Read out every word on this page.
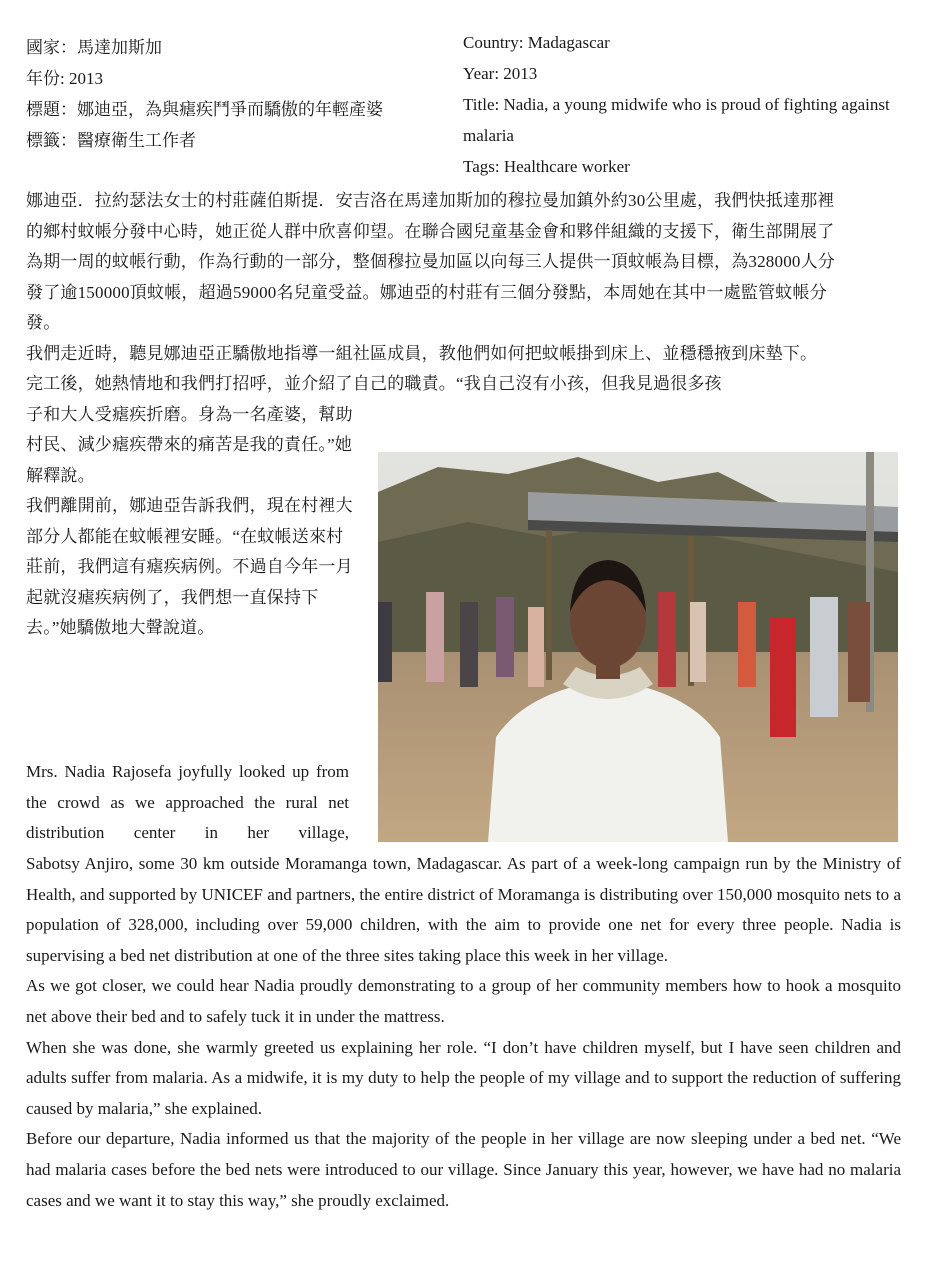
國家：馬達加斯加
年份: 2013
標題：娜迪亞，為與瘧疾鬥爭而驕傲的年輕產婆
標籤：醫療衛生工作者
Country: Madagascar
Year: 2013
Title: Nadia, a young midwife who is proud of fighting against malaria
Tags: Healthcare worker

娜迪亞．拉約瑟法女士的村莊薩伯斯提．安吉洛在馬達加斯加的穆拉曼加鎮外約30公里處，我們快抵達那裡的鄉村蚊帳分發中心時，她正從人群中欣喜仰望。在聯合國兒童基金會和夥伴組織的支援下，衛生部開展了為期一周的蚊帳行動，作為行動的一部分，整個穆拉曼加區以向每三人提供一頂蚊帳為目標，為328000人分發了逾150000頂蚊帳，超過59000名兒童受益。娜迪亞的村莊有三個分發點，本周她在其中一處監管蚊帳分發。

我們走近時，聽見娜迪亞正驕傲地指導一組社區成員，教他們如何把蚊帳掛到床上、並穩穩掖到床墊下。

完工後，她熱情地和我們打招呼，並介紹了自己的職責。“我自己沒有小孩，但我見過很多孩

子和大人受瘧疾折磨。身為一名產婆，幫助村民、減少瘧疾帶來的痛苦是我的責任。”她解釋說。

我們離開前，娜迪亞告訴我們，現在村裡大部分人都能在蚊帳裡安睡。“在蚊帳送來村莊前，我們這有瘧疾病例。不過自今年一月起就沒瘧疾病例了，我們想一直保持下去。”她驕傲地大聲說道。

Mrs. Nadia Rajosefa joyfully looked up from the crowd as we approached the rural net distribution center in her village,

Sabotsy Anjiro, some 30 km outside Moramanga town, Madagascar. As part of a week-long campaign run by the Ministry of Health, and supported by UNICEF and partners, the entire district of Moramanga is distributing over 150,000 mosquito nets to a population of 328,000, including over 59,000 children, with the aim to provide one net for every three people. Nadia is supervising a bed net distribution at one of the three sites taking place this week in her village.

As we got closer, we could hear Nadia proudly demonstrating to a group of her community members how to hook a mosquito net above their bed and to safely tuck it in under the mattress.

When she was done, she warmly greeted us explaining her role. “I don’t have children myself, but I have seen children and adults suffer from malaria. As a midwife, it is my duty to help the people of my village and to support the reduction of suffering caused by malaria,” she explained.

Before our departure, Nadia informed us that the majority of the people in her village are now sleeping under a bed net. “We had malaria cases before the bed nets were introduced to our village. Since January this year, however, we have had no malaria cases and we want it to stay this way,” she proudly exclaimed.
